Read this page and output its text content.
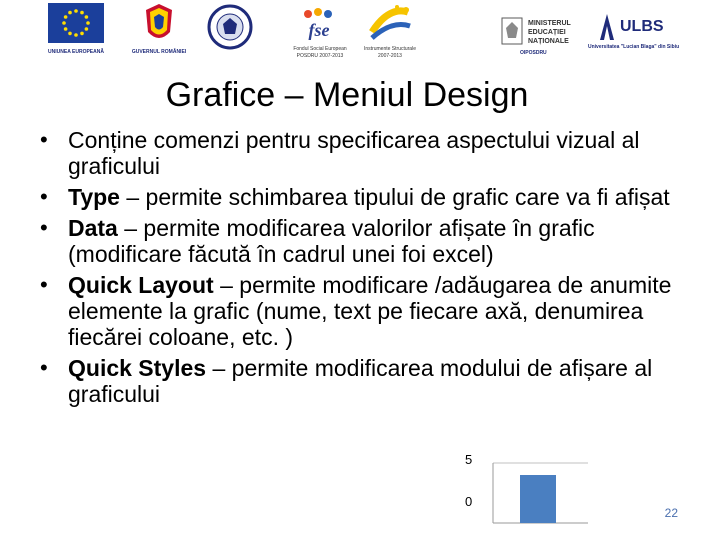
UNIUNEA EUROPEANĂ	GUVERNUL ROMÂNIEI
fse
Fondul Social European
POSDRU 2007-2013
Instrumente Structurale
2007-2013
MINISTERUL
EDUCAȚIEI
NAȚIONALE
OIPOSDRU
ULBS
Universitatea "Lucian Blaga" din Sibiu
Grafice – Meniul Design
• Conține comenzi pentru specificarea aspectului vizual al graficului
• Type – permite schimbarea tipului de grafic care va fi afișat
• Data – permite modificarea valorilor afișate în grafic (modificare făcută în cadrul unei foi excel)
• Quick Layout – permite modificare /adăugarea de anumite elemente la grafic (nume, text pe fiecare axă, denumirea fiecărei coloane, etc. )
• Quick Styles – permite modificarea modului de afișare al graficului
5
0
22
